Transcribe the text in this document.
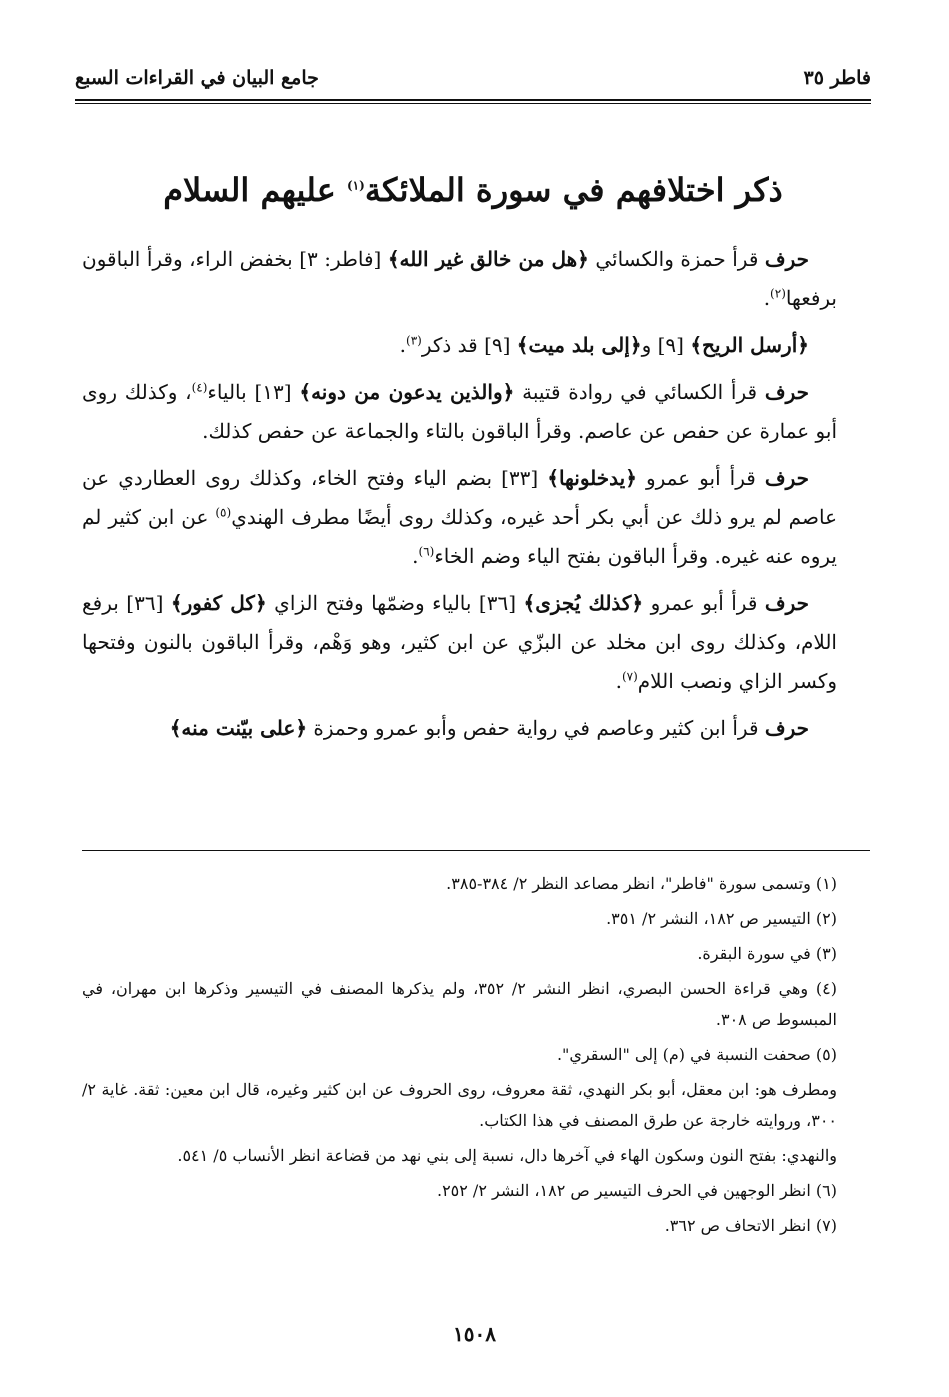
فاطر ٣٥
جامع البيان في القراءات السبع
ذكر اختلافهم في سورة الملائكة$^{(١)}$ عليهم السلام

حرف قرأ حمزة والكسائي ﴿هل من خالق غير الله﴾ [فاطر: ٣] بخفض الراء، وقرأ الباقون برفعها$^{(٢)}$.

﴿أرسل الريح﴾ [٩] و﴿إلى بلد ميت﴾ [٩] قد ذكر$^{(٣)}$.

حرف قرأ الكسائي في روادة قتيبة ﴿والذين يدعون من دونه﴾ [١٣] بالياء$^{(٤)}$، وكذلك روى أبو عمارة عن حفص عن عاصم. وقرأ الباقون بالتاء والجماعة عن حفص كذلك.

حرف قرأ أبو عمرو ﴿يدخلونها﴾ [٣٣] بضم الياء وفتح الخاء، وكذلك روى العطاردي عن عاصم لم يرو ذلك عن أبي بكر أحد غيره، وكذلك روى أيضًا مطرف الهندي$^{(٥)}$ عن ابن كثير لم يروه عنه غيره. وقرأ الباقون بفتح الياء وضم الخاء$^{(٦)}$.

حرف قرأ أبو عمرو ﴿كذلك يُجزى﴾ [٣٦] بالياء وضمّها وفتح الزاي ﴿كل كفور﴾ [٣٦] برفع اللام، وكذلك روى ابن مخلد عن البزّي عن ابن كثير، وهو وَهْم، وقرأ الباقون بالنون وفتحها وكسر الزاي ونصب اللام$^{(٧)}$.

حرف قرأ ابن كثير وعاصم في رواية حفص وأبو عمرو وحمزة ﴿على بيّنت منه﴾

(١) وتسمى سورة "فاطر"، انظر مصاعد النظر ٢/ ٣٨٤-٣٨٥.

(٢) التيسير ص ١٨٢، النشر ٢/ ٣٥١.

(٣) في سورة البقرة.

(٤) وهي قراءة الحسن البصري، انظر النشر ٢/ ٣٥٢، ولم يذكرها المصنف في التيسير وذكرها ابن مهران، في المبسوط ص ٣٠٨.

(٥) صحفت النسبة في (م) إلى "السقري".

ومطرف هو: ابن معقل، أبو بكر النهدي، ثقة معروف، روى الحروف عن ابن كثير وغيره، قال ابن معين: ثقة. غاية ٢/ ٣٠٠، وروايته خارجة عن طرق المصنف في هذا الكتاب.

والنهدي: بفتح النون وسكون الهاء في آخرها دال، نسبة إلى بني نهد من قضاعة انظر الأنساب ٥/ ٥٤١.

(٦) انظر الوجهين في الحرف التيسير ص ١٨٢، النشر ٢/ ٢٥٢.

(٧) انظر الاتحاف ص ٣٦٢.

١٥٠٨
